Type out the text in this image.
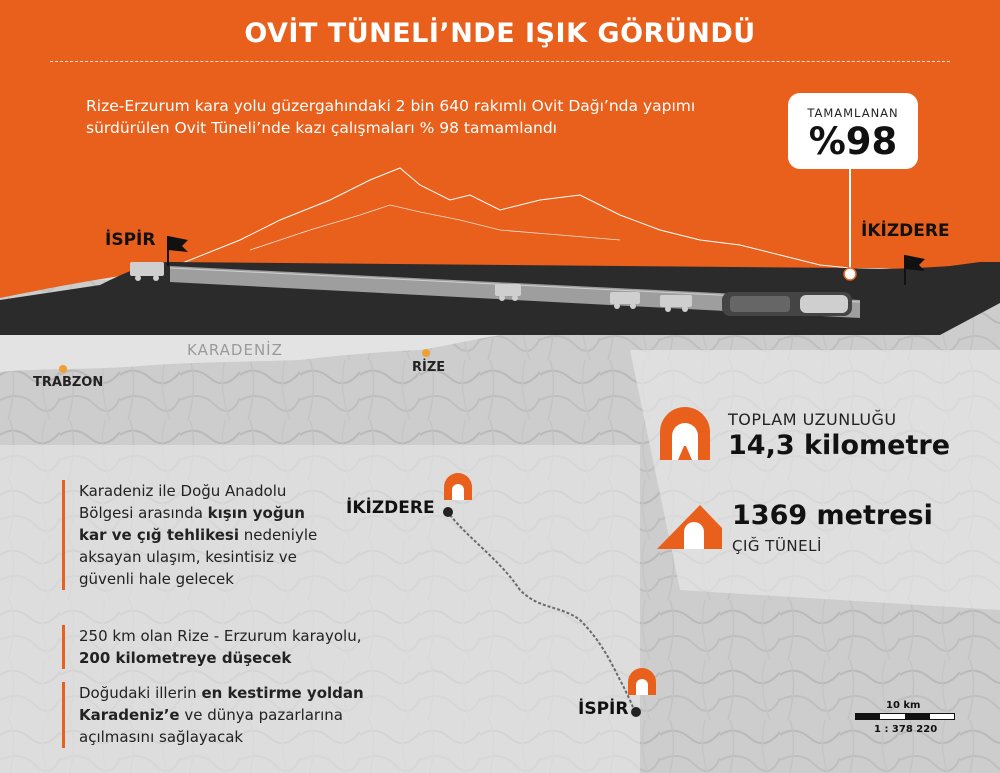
OVİT TÜNELİ’NDE IŞIK GÖRÜNDÜ
Rize-Erzurum kara yolu güzergahındaki 2 bin 640 rakımlı Ovit Dağı’nda yapımı sürdürülen Ovit Tüneli’nde kazı çalışmaları % 98 tamamlandı
TAMAMLANAN
%98
İSPİR	İKİZDERE
KARADENİZ
TRABZON
RİZE
İKİZDERE
İSPİR
TOPLAM UZUNLUĞU
14,3 kilometre
1369 metresi
ÇIĞ TÜNELİ
Karadeniz ile Doğu Anadolu Bölgesi arasında kışın yoğun kar ve çığ tehlikesi nedeniyle aksayan ulaşım, kesintisiz ve güvenli hale gelecek
250 km olan Rize - Erzurum karayolu, 200 kilometreye düşecek
Doğudaki illerin en kestirme yoldan Karadeniz’e ve dünya pazarlarına açılmasını sağlayacak
10 km
1 : 378 220
